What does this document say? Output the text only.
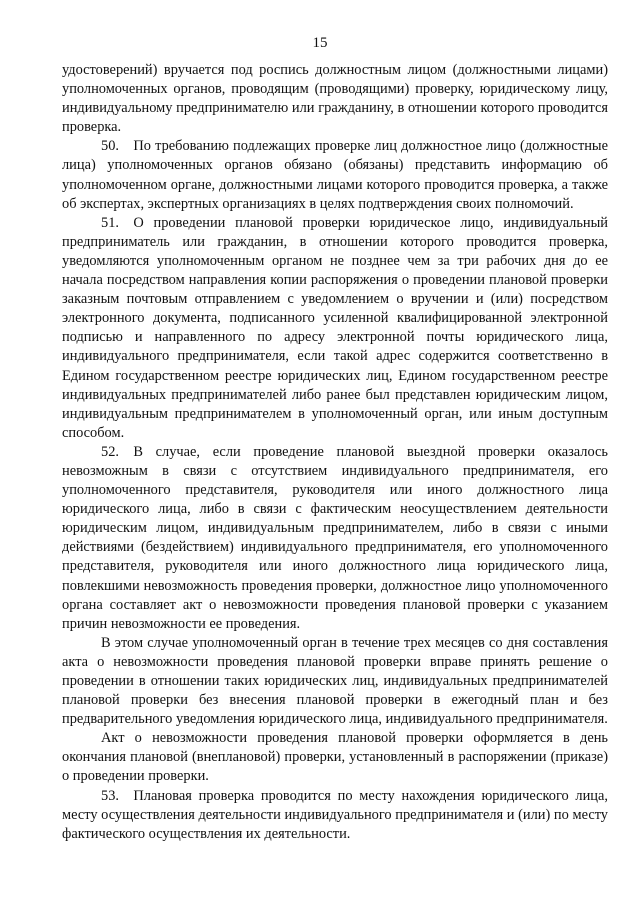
15

удостоверений) вручается под роспись должностным лицом (должностными лицами) уполномоченных органов, проводящим (проводящими) проверку, юридическому лицу, индивидуальному предпринимателю или гражданину, в отношении которого проводится проверка.

50. По требованию подлежащих проверке лиц должностное лицо (должностные лица) уполномоченных органов обязано (обязаны) представить информацию об уполномоченном органе, должностными лицами которого проводится проверка, а также об экспертах, экспертных организациях в целях подтверждения своих полномочий.

51. О проведении плановой проверки юридическое лицо, индивидуальный предприниматель или гражданин, в отношении которого проводится проверка, уведомляются уполномоченным органом не позднее чем за три рабочих дня до ее начала посредством направления копии распоряжения о проведении плановой проверки заказным почтовым отправлением с уведомлением о вручении и (или) посредством электронного документа, подписанного усиленной квалифицированной электронной подписью и направленного по адресу электронной почты юридического лица, индивидуального предпринимателя, если такой адрес содержится соответственно в Едином государственном реестре юридических лиц, Едином государственном реестре индивидуальных предпринимателей либо ранее был представлен юридическим лицом, индивидуальным предпринимателем в уполномоченный орган, или иным доступным способом.

52. В случае, если проведение плановой выездной проверки оказалось невозможным в связи с отсутствием индивидуального предпринимателя, его уполномоченного представителя, руководителя или иного должностного лица юридического лица, либо в связи с фактическим неосуществлением деятельности юридическим лицом, индивидуальным предпринимателем, либо в связи с иными действиями (бездействием) индивидуального предпринимателя, его уполномоченного представителя, руководителя или иного должностного лица юридического лица, повлекшими невозможность проведения проверки, должностное лицо уполномоченного органа составляет акт о невозможности проведения плановой проверки с указанием причин невозможности ее проведения.

В этом случае уполномоченный орган в течение трех месяцев со дня составления акта о невозможности проведения плановой проверки вправе принять решение о проведении в отношении таких юридических лиц, индивидуальных предпринимателей плановой проверки без внесения плановой проверки в ежегодный план и без предварительного уведомления юридического лица, индивидуального предпринимателя.

Акт о невозможности проведения плановой проверки оформляется в день окончания плановой (внеплановой) проверки, установленный в распоряжении (приказе) о проведении проверки.

53. Плановая проверка проводится по месту нахождения юридического лица, месту осуществления деятельности индивидуального предпринимателя и (или) по месту фактического осуществления их деятельности.
